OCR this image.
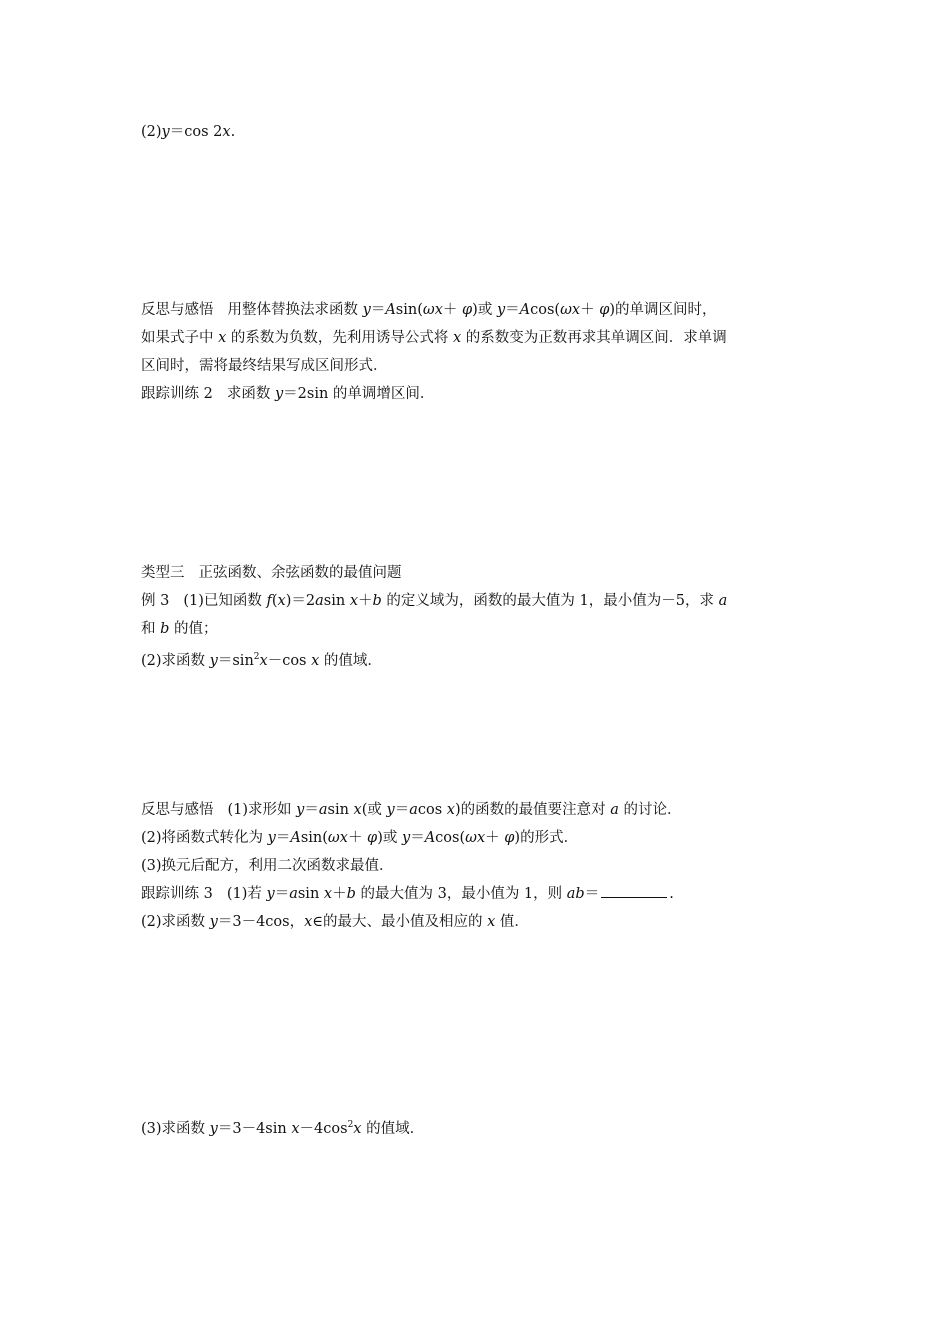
(2)y＝cos 2x.
反思与感悟 用整体替换法求函数 y＝Asin(ωx＋ φ)或 y＝Acos(ωx＋ φ)的单调区间时，
如果式子中 x 的系数为负数，先利用诱导公式将 x 的系数变为正数再求其单调区间．求单调
区间时，需将最终结果写成区间形式．
跟踪训练 2 求函数 y＝2sin 的单调增区间．
类型三 正弦函数、余弦函数的最值问题
例 3 (1)已知函数 f(x)＝2asin x＋b 的定义域为，函数的最大值为 1，最小值为－5，求 a
和 b 的值；
(2)求函数 $y=\sin^2x-\cos$ x 的值域．
反思与感悟 (1)求形如 y＝asin x(或 y＝acos x)的函数的最值要注意对 a 的讨论．
(2)将函数式转化为 y＝Asin(ωx＋ φ)或 y＝Acos(ωx＋ φ)的形式．
(3)换元后配方，利用二次函数求最值．
跟踪训练 3 (1)若 y＝asin x＋b 的最大值为 3，最小值为 1，则 ab＝	.
(2)求函数 y＝3－4cos，x∈的最大、最小值及相应的 x 值．
(3)求函数 y＝3－4sin $x-4\cos^2x$ 的值域．
